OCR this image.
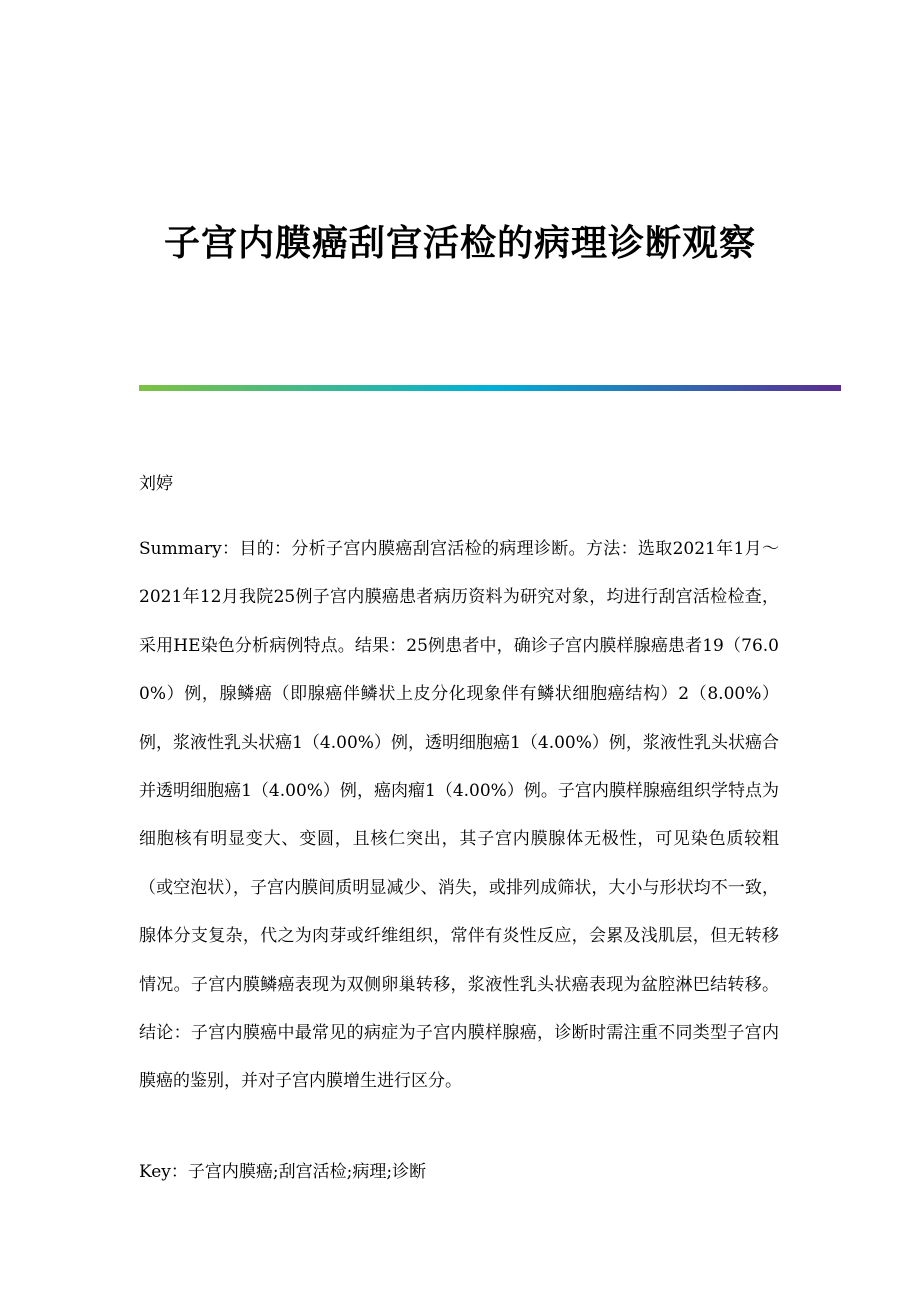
子宫内膜癌刮宫活检的病理诊断观察

刘婷

Summary：目的：分析子宫内膜癌刮宫活检的病理诊断。方法：选取2021年1月～2021年12月我院25例子宫内膜癌患者病历资料为研究对象，均进行刮宫活检检查，采用HE染色分析病例特点。结果：25例患者中，确诊子宫内膜样腺癌患者19（76.00%）例，腺鳞癌（即腺癌伴鳞状上皮分化现象伴有鳞状细胞癌结构）2（8.00%）例，浆液性乳头状癌1（4.00%）例，透明细胞癌1（4.00%）例，浆液性乳头状癌合并透明细胞癌1（4.00%）例，癌肉瘤1（4.00%）例。子宫内膜样腺癌组织学特点为细胞核有明显变大、变圆，且核仁突出，其子宫内膜腺体无极性，可见染色质较粗（或空泡状），子宫内膜间质明显减少、消失，或排列成筛状，大小与形状均不一致，腺体分支复杂，代之为肉芽或纤维组织，常伴有炎性反应，会累及浅肌层，但无转移情况。子宫内膜鳞癌表现为双侧卵巢转移，浆液性乳头状癌表现为盆腔淋巴结转移。结论：子宫内膜癌中最常见的病症为子宫内膜样腺癌，诊断时需注重不同类型子宫内膜癌的鉴别，并对子宫内膜增生进行区分。

Key：子宫内膜癌;刮宫活检;病理;诊断
